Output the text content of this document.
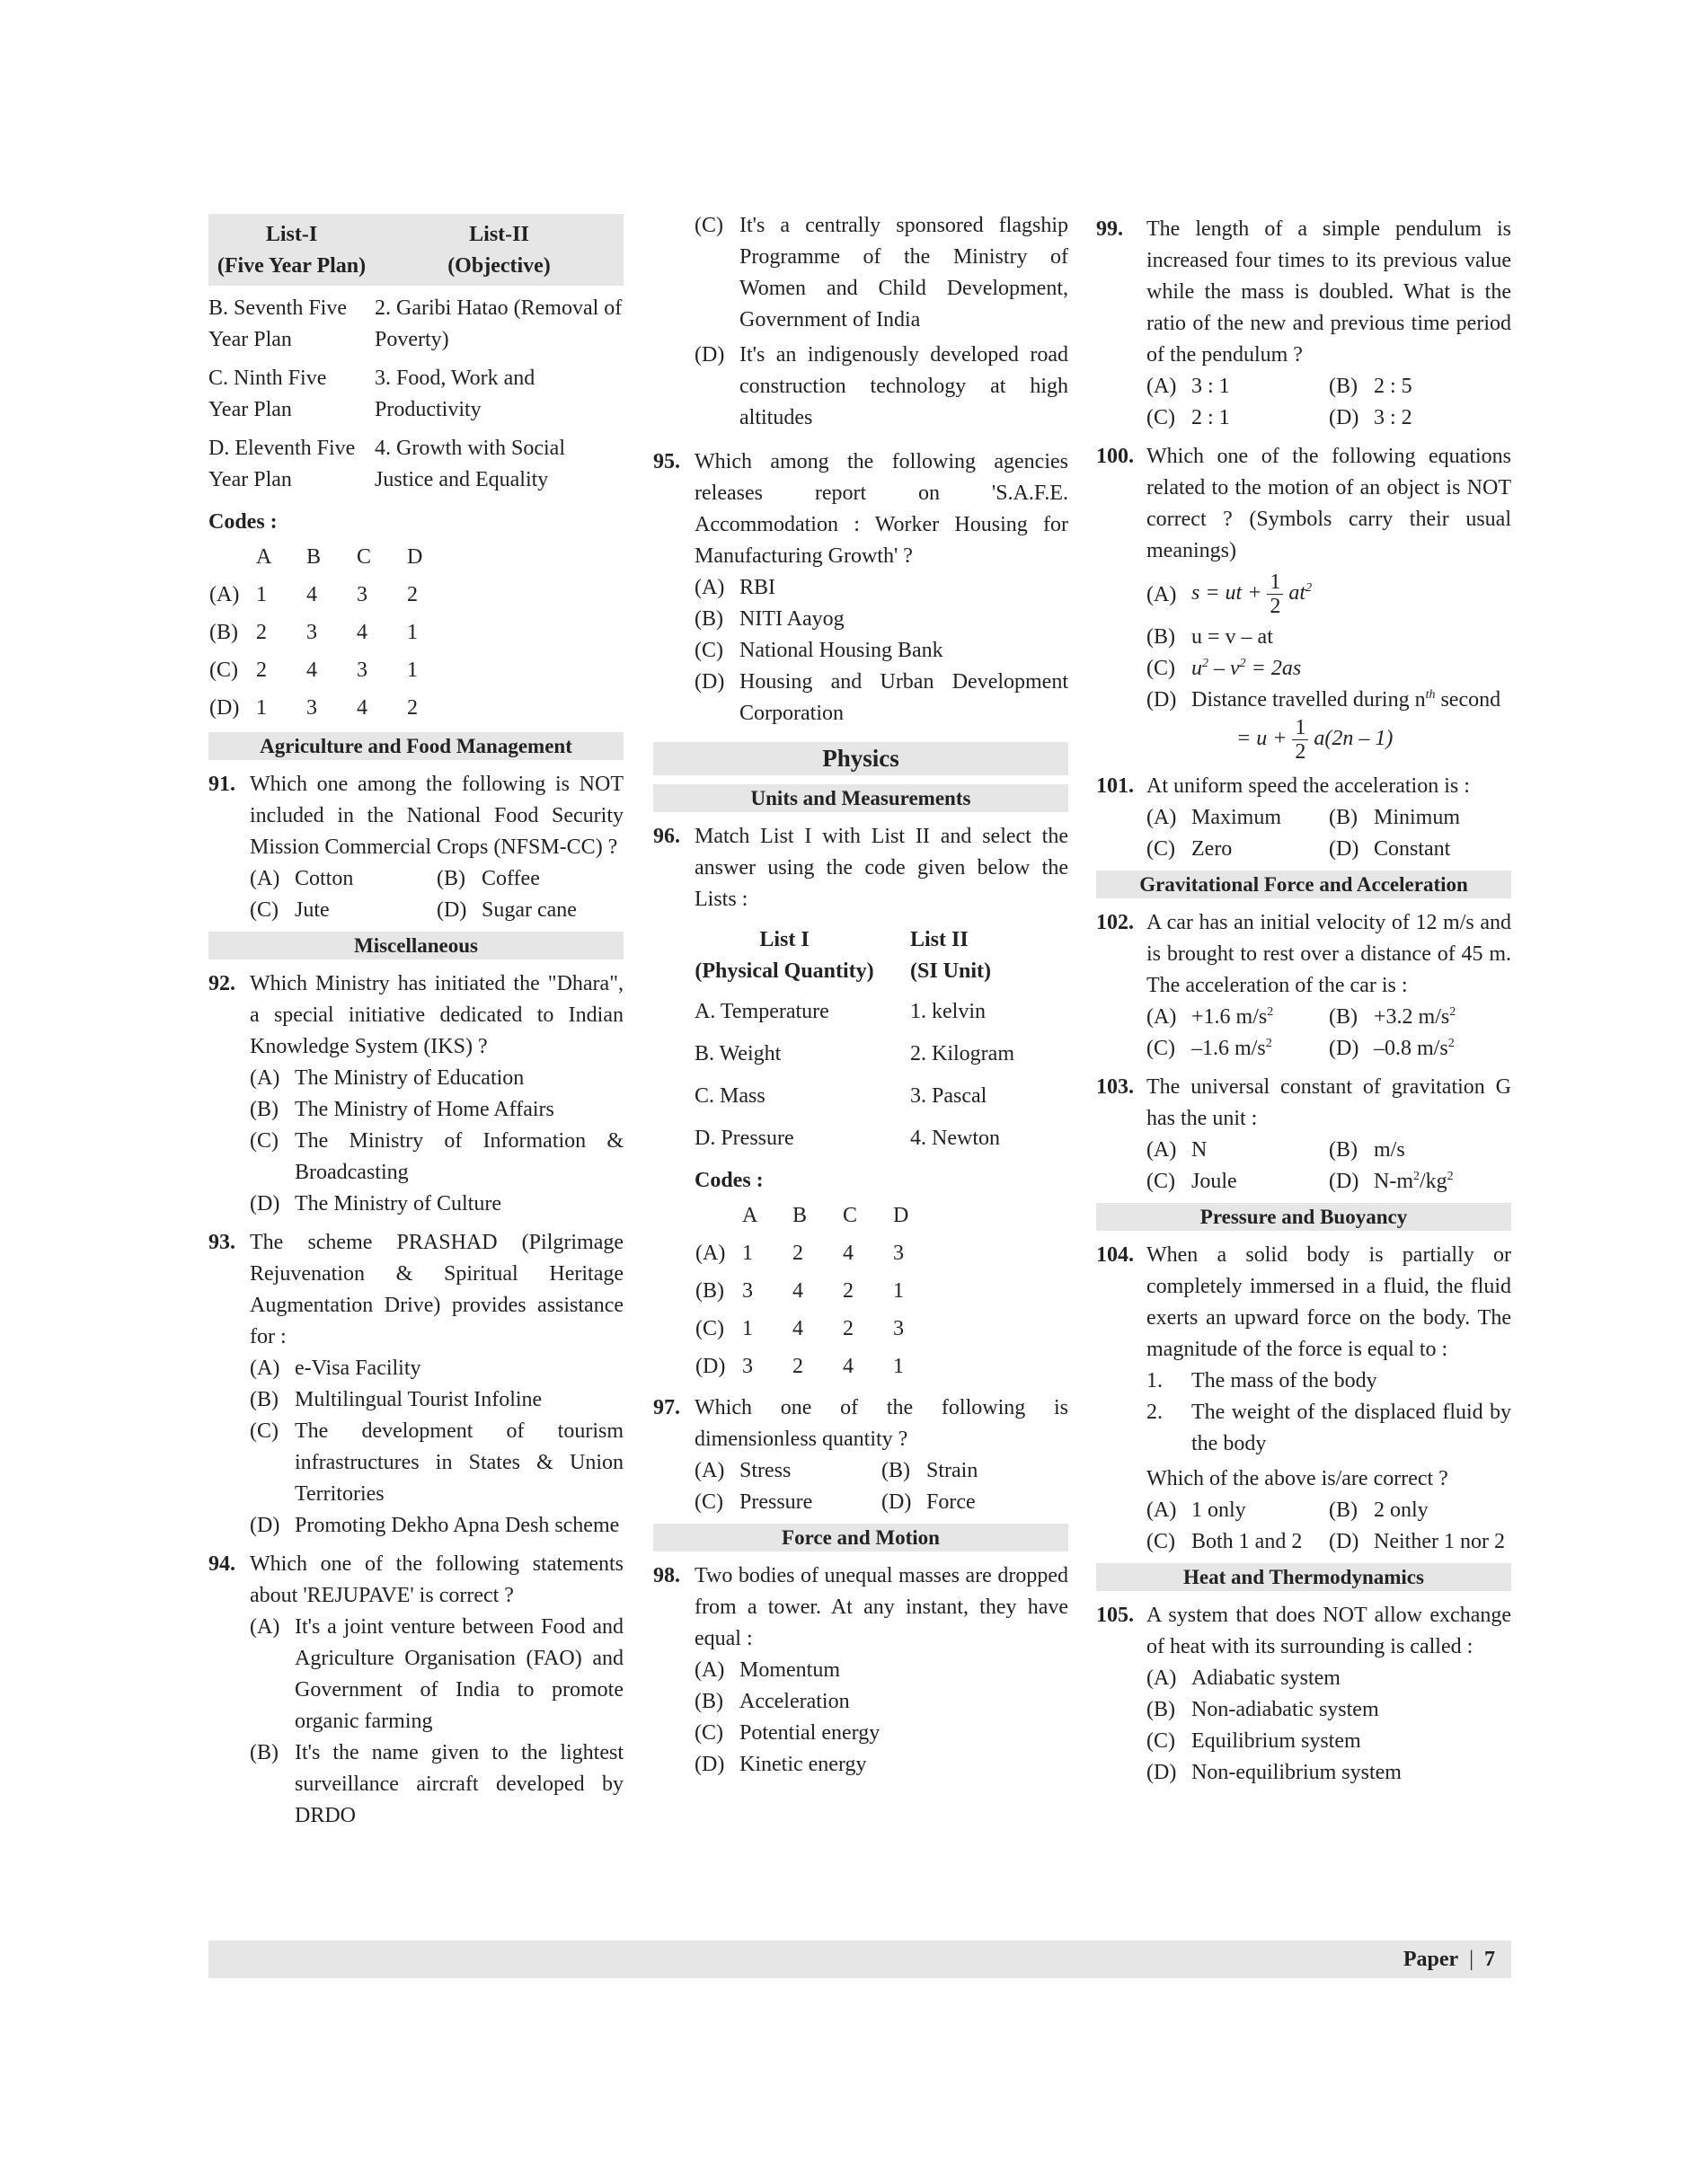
List-I	List-II
(Five Year Plan)	(Objective)
B. Seventh Five Year Plan	2. Garibi Hatao (Removal of Poverty)
C. Ninth Five Year Plan	3. Food, Work and Productivity
D. Eleventh Five Year Plan	4. Growth with Social Justice and Equality
Codes :
	A	B	C	D
(A)	1	4	3	2
(B)	2	3	4	1
(C)	2	4	3	1
(D)	1	3	4	2
Agriculture and Food Management
91. Which one among the following is NOT included in the National Food Security Mission Commercial Crops (NFSM-CC) ?
(A) Cotton	(B) Coffee
(C) Jute	(D) Sugar cane
Miscellaneous
92. Which Ministry has initiated the "Dhara", a special initiative dedicated to Indian Knowledge System (IKS) ?
(A) The Ministry of Education
(B) The Ministry of Home Affairs
(C) The Ministry of Information & Broadcasting
(D) The Ministry of Culture
93. The scheme PRASHAD (Pilgrimage Rejuvenation & Spiritual Heritage Augmentation Drive) provides assistance for :
(A) e-Visa Facility
(B) Multilingual Tourist Infoline
(C) The development of tourism infrastructures in States & Union Territories
(D) Promoting Dekho Apna Desh scheme
94. Which one of the following statements about 'REJUPAVE' is correct ?
(A) It's a joint venture between Food and Agriculture Organisation (FAO) and Government of India to promote organic farming
(B) It's the name given to the lightest surveillance aircraft developed by DRDO
(C) It's a centrally sponsored flagship Programme of the Ministry of Women and Child Development, Government of India
(D) It's an indigenously developed road construction technology at high altitudes
95. Which among the following agencies releases report on 'S.A.F.E. Accommodation : Worker Housing for Manufacturing Growth' ?
(A) RBI
(B) NITI Aayog
(C) National Housing Bank
(D) Housing and Urban Development Corporation
Physics
Units and Measurements
96. Match List I with List II and select the answer using the code given below the Lists :
List I	List II
(Physical Quantity)	(SI Unit)
A. Temperature	1. kelvin
B. Weight	2. Kilogram
C. Mass	3. Pascal
D. Pressure	4. Newton
Codes :
	A	B	C	D
(A)	1	2	4	3
(B)	3	4	2	1
(C)	1	4	2	3
(D)	3	2	4	1
97. Which one of the following is dimensionless quantity ?
(A) Stress	(B) Strain
(C) Pressure	(D) Force
Force and Motion
98. Two bodies of unequal masses are dropped from a tower. At any instant, they have equal :
(A) Momentum
(B) Acceleration
(C) Potential energy
(D) Kinetic energy
99. The length of a simple pendulum is increased four times to its previous value while the mass is doubled. What is the ratio of the new and previous time period of the pendulum ?
(A) 3 : 1	(B) 2 : 5
(C) 2 : 1	(D) 3 : 2
100. Which one of the following equations related to the motion of an object is NOT correct ? (Symbols carry their usual meanings)
(A) s = ut + $\frac{1}{2} at^2$
(B) u = v – at
(C) $u^2 - v^2 = 2as$
(D) Distance travelled during $n^{th}$ second
= $u + \frac{1}{2} a(2n - 1)$
101. At uniform speed the acceleration is :
(A) Maximum	(B) Minimum
(C) Zero	(D) Constant
Gravitational Force and Acceleration
102. A car has an initial velocity of 12 m/s and is brought to rest over a distance of 45 m. The acceleration of the car is :
(A) +1.6 $m/s^2$	(B) +3.2 $m/s^2$
(C) –1.6 $m/s^2$	(D) –0.8 $m/s^2$
103. The universal constant of gravitation G has the unit :
(A) N	(B) m/s
(C) Joule	(D) $N-m^2/kg^2$
Pressure and Buoyancy
104. When a solid body is partially or completely immersed in a fluid, the fluid exerts an upward force on the body. The magnitude of the force is equal to :
1. The mass of the body
2. The weight of the displaced fluid by the body
Which of the above is/are correct ?
(A) 1 only	(B) 2 only
(C) Both 1 and 2	(D) Neither 1 nor 2
Heat and Thermodynamics
105. A system that does NOT allow exchange of heat with its surrounding is called :
(A) Adiabatic system
(B) Non-adiabatic system
(C) Equilibrium system
(D) Non-equilibrium system
Paper | 7
